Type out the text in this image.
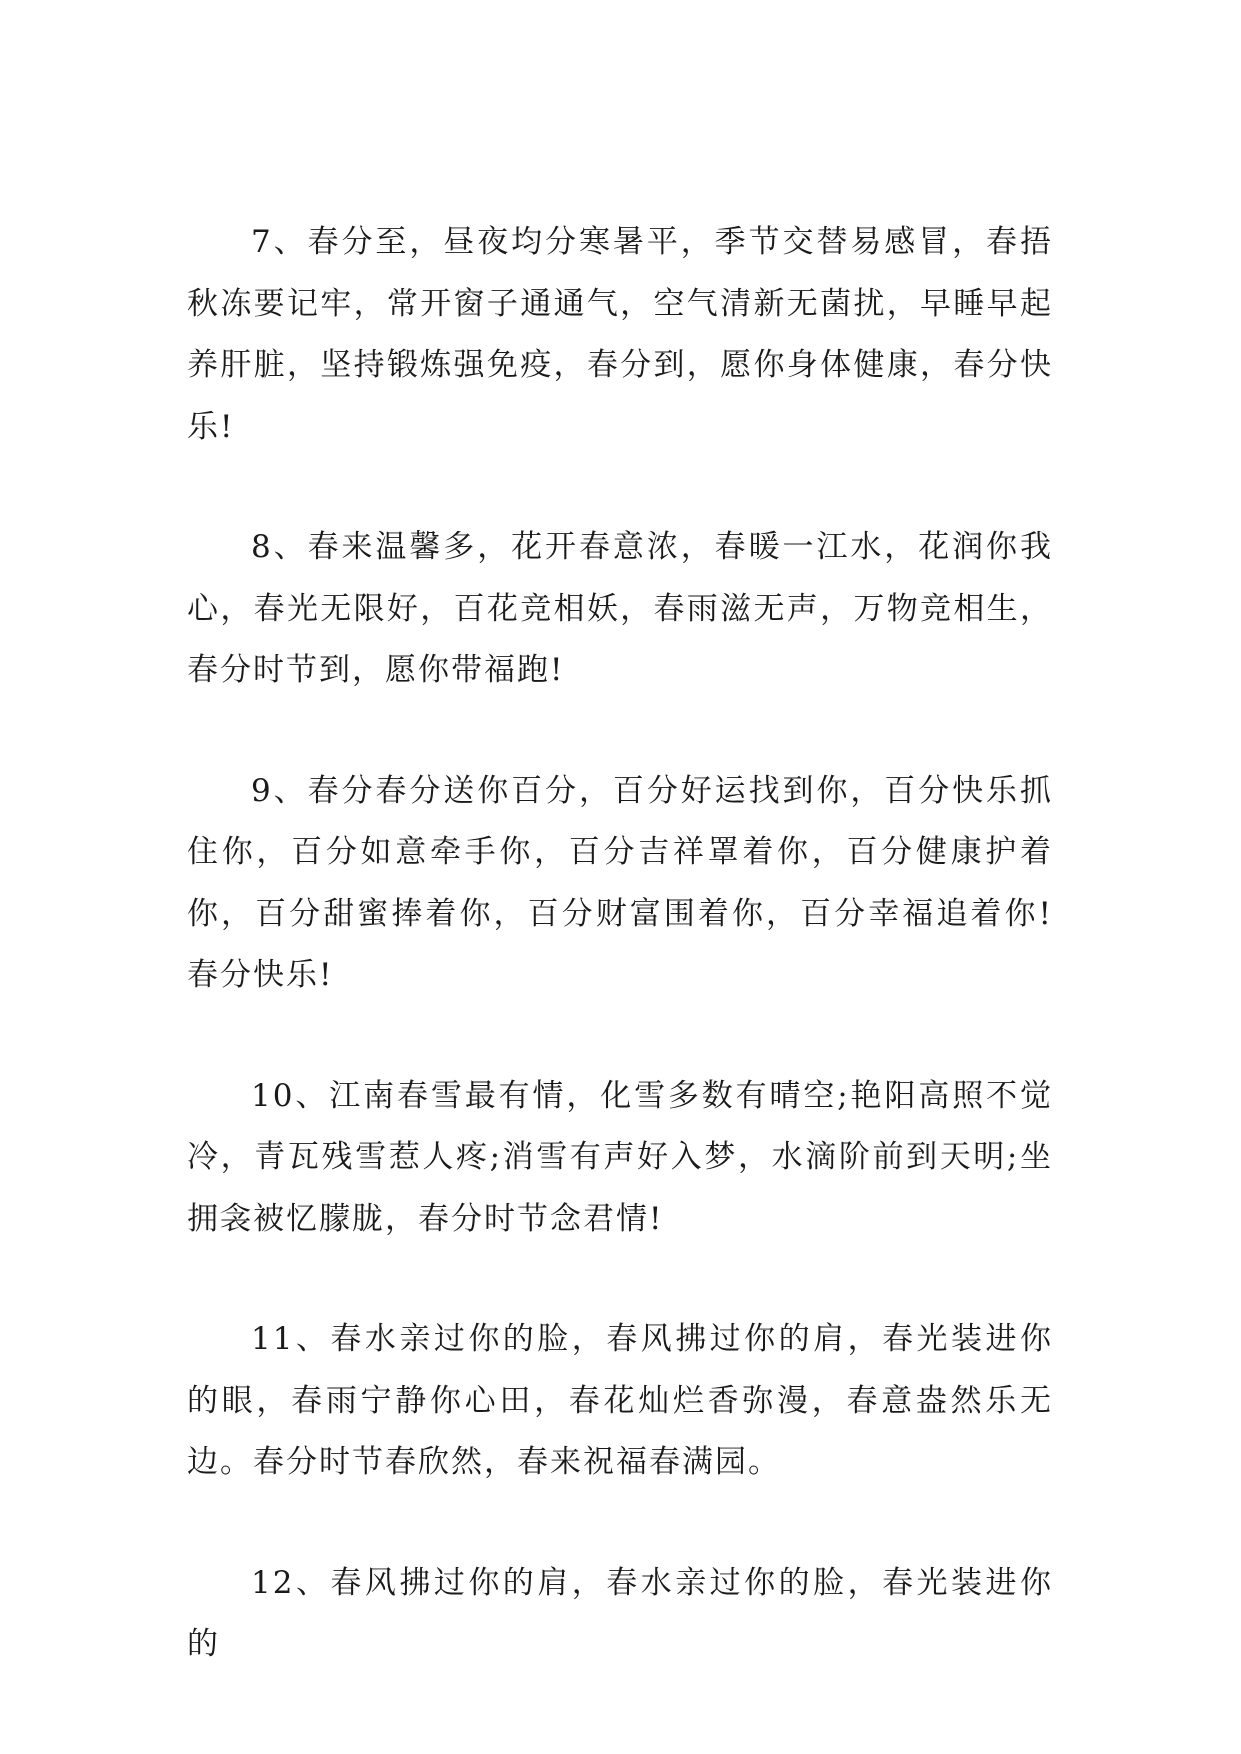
7、春分至，昼夜均分寒暑平，季节交替易感冒，春捂秋冻要记牢，常开窗子通通气，空气清新无菌扰，早睡早起养肝脏，坚持锻炼强免疫，春分到，愿你身体健康，春分快乐!

8、春来温馨多，花开春意浓，春暖一江水，花润你我心，春光无限好，百花竞相妖，春雨滋无声，万物竞相生，春分时节到，愿你带福跑!

9、春分春分送你百分，百分好运找到你，百分快乐抓住你，百分如意牵手你，百分吉祥罩着你，百分健康护着你，百分甜蜜捧着你，百分财富围着你，百分幸福追着你!春分快乐!

10、江南春雪最有情，化雪多数有晴空;艳阳高照不觉冷，青瓦残雪惹人疼;消雪有声好入梦，水滴阶前到天明;坐拥衾被忆朦胧，春分时节念君情!

11、春水亲过你的脸，春风拂过你的肩，春光装进你的眼，春雨宁静你心田，春花灿烂香弥漫，春意盎然乐无边。春分时节春欣然，春来祝福春满园。

12、春风拂过你的肩，春水亲过你的脸，春光装进你的
